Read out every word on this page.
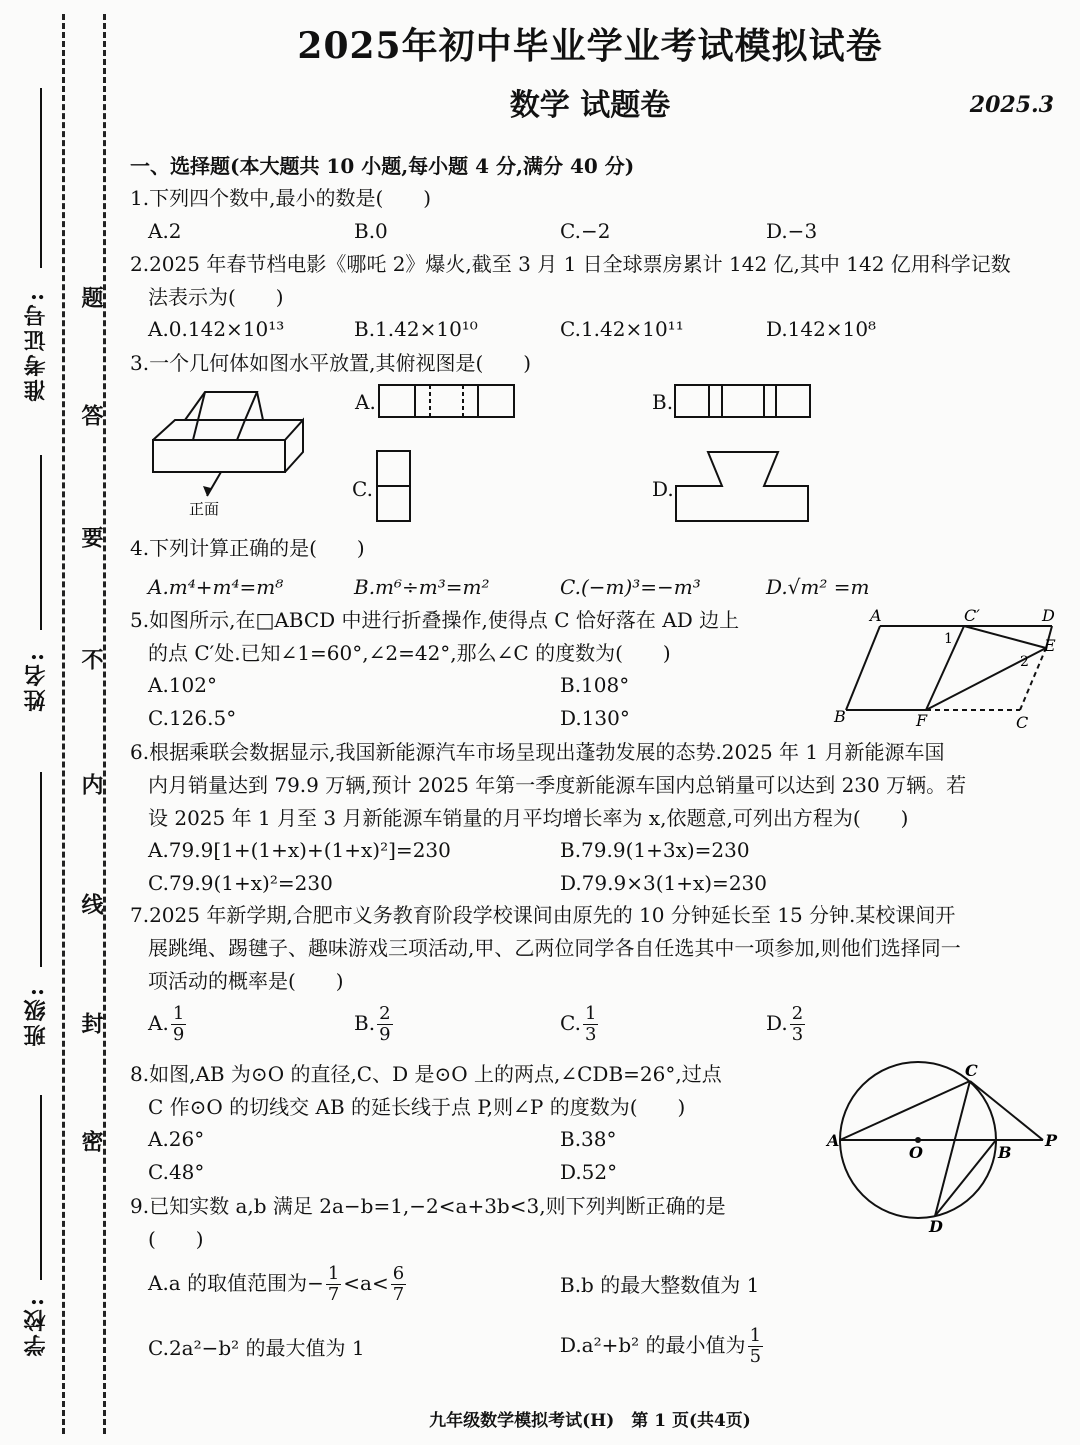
准考证号:
姓名:
班级:
学校:
题
答
要
不
内
线
封
密
2025年初中毕业学业考试模拟试卷
数学 试题卷	2025.3
一、选择题(本大题共 10 小题,每小题 4 分,满分 40 分)
1.下列四个数中,最小的数是(　　)
A.2	B.0	C.−2	D.−3
2.2025 年春节档电影《哪吒 2》爆火,截至 3 月 1 日全球票房累计 142 亿,其中 142 亿用科学记数
法表示为(　　)
A.0.142×10¹³	B.1.42×10¹⁰	C.1.42×10¹¹	D.142×10⁸
3.一个几何体如图水平放置,其俯视图是(　　)
正面
A.	B.
C.	D.
4.下列计算正确的是(　　)
A.m⁴+m⁴=m⁸	B.m⁶÷m³=m²	C.(−m)³=−m³	D.√m² =m
5.如图所示,在□ABCD 中进行折叠操作,使得点 C 恰好落在 AD 边上
的点 C′处.已知∠1=60°,∠2=42°,那么∠C 的度数为(　　)
A.102°	B.108°
C.126.5°	D.130°
A	C′	D
E
B	F	C
1
2
6.根据乘联会数据显示,我国新能源汽车市场呈现出蓬勃发展的态势.2025 年 1 月新能源车国
内月销量达到 79.9 万辆,预计 2025 年第一季度新能源车国内总销量可以达到 230 万辆。若
设 2025 年 1 月至 3 月新能源车销量的月平均增长率为 x,依题意,可列出方程为(　　)
A.79.9[1+(1+x)+(1+x)²]=230	B.79.9(1+3x)=230
C.79.9(1+x)²=230	D.79.9×3(1+x)=230
7.2025 年新学期,合肥市义务教育阶段学校课间由原先的 10 分钟延长至 15 分钟.某校课间开
展跳绳、踢毽子、趣味游戏三项活动,甲、乙两位同学各自任选其中一项参加,则他们选择同一
项活动的概率是(　　)
A. $\frac{1}{9}$	B. $\frac{2}{9}$	C. $\frac{1}{3}$	D. $\frac{2}{3}$
8.如图,AB 为⊙O 的直径,C、D 是⊙O 上的两点,∠CDB=26°,过点
C 作⊙O 的切线交 AB 的延长线于点 P,则∠P 的度数为(　　)
A.26°	B.38°
C.48°	D.52°
C
A
O	B
P
D
9.已知实数 a,b 满足 2a−b=1,−2<a+3b<3,则下列判断正确的是
(　　)
A.a 的取值范围为− $\frac{1}{7} <a< \frac{6}{7}$	B.b 的最大整数值为 1
C.2a²−b² 的最大值为 1	D.a²+b² 的最小值为 $\frac{1}{5}$
九年级数学模拟考试(H)　第 1 页(共4页)
